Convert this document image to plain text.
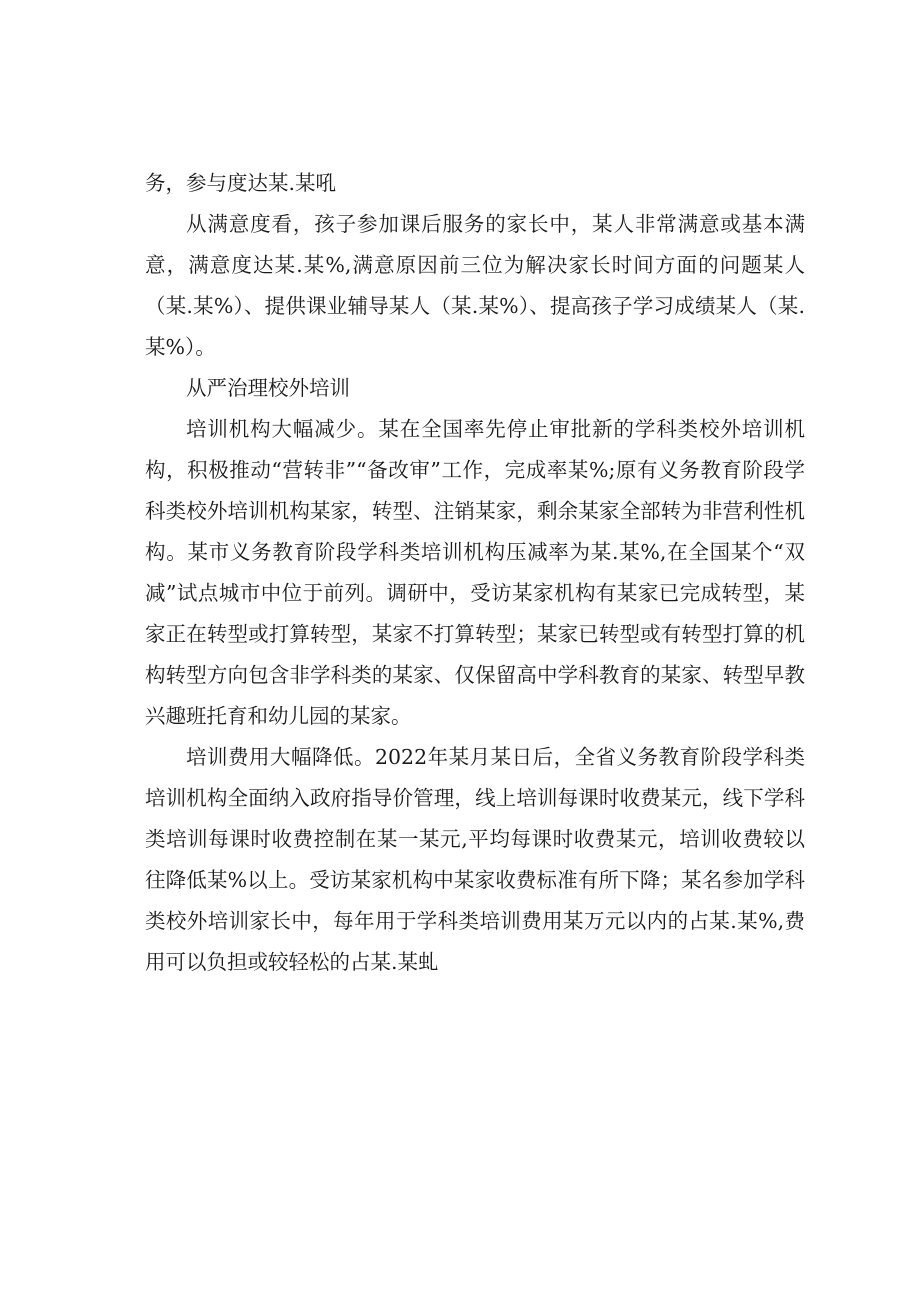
务，参与度达某.某吼

从满意度看，孩子参加课后服务的家长中，某人非常满意或基本满意，满意度达某.某%,满意原因前三位为解决家长时间方面的问题某人（某.某%）、提供课业辅导某人（某.某%）、提高孩子学习成绩某人（某.某%）。

从严治理校外培训

培训机构大幅减少。某在全国率先停止审批新的学科类校外培训机构，积极推动“营转非”“备改审”工作，完成率某%;原有义务教育阶段学科类校外培训机构某家，转型、注销某家，剩余某家全部转为非营利性机构。某市义务教育阶段学科类培训机构压减率为某.某%,在全国某个“双减”试点城市中位于前列。调研中，受访某家机构有某家已完成转型，某家正在转型或打算转型，某家不打算转型；某家已转型或有转型打算的机构转型方向包含非学科类的某家、仅保留高中学科教育的某家、转型早教兴趣班托育和幼儿园的某家。

培训费用大幅降低。2022年某月某日后，全省义务教育阶段学科类培训机构全面纳入政府指导价管理，线上培训每课时收费某元，线下学科类培训每课时收费控制在某一某元,平均每课时收费某元，培训收费较以往降低某%以上。受访某家机构中某家收费标准有所下降；某名参加学科类校外培训家长中，每年用于学科类培训费用某万元以内的占某.某%,费用可以负担或较轻松的占某.某虬
